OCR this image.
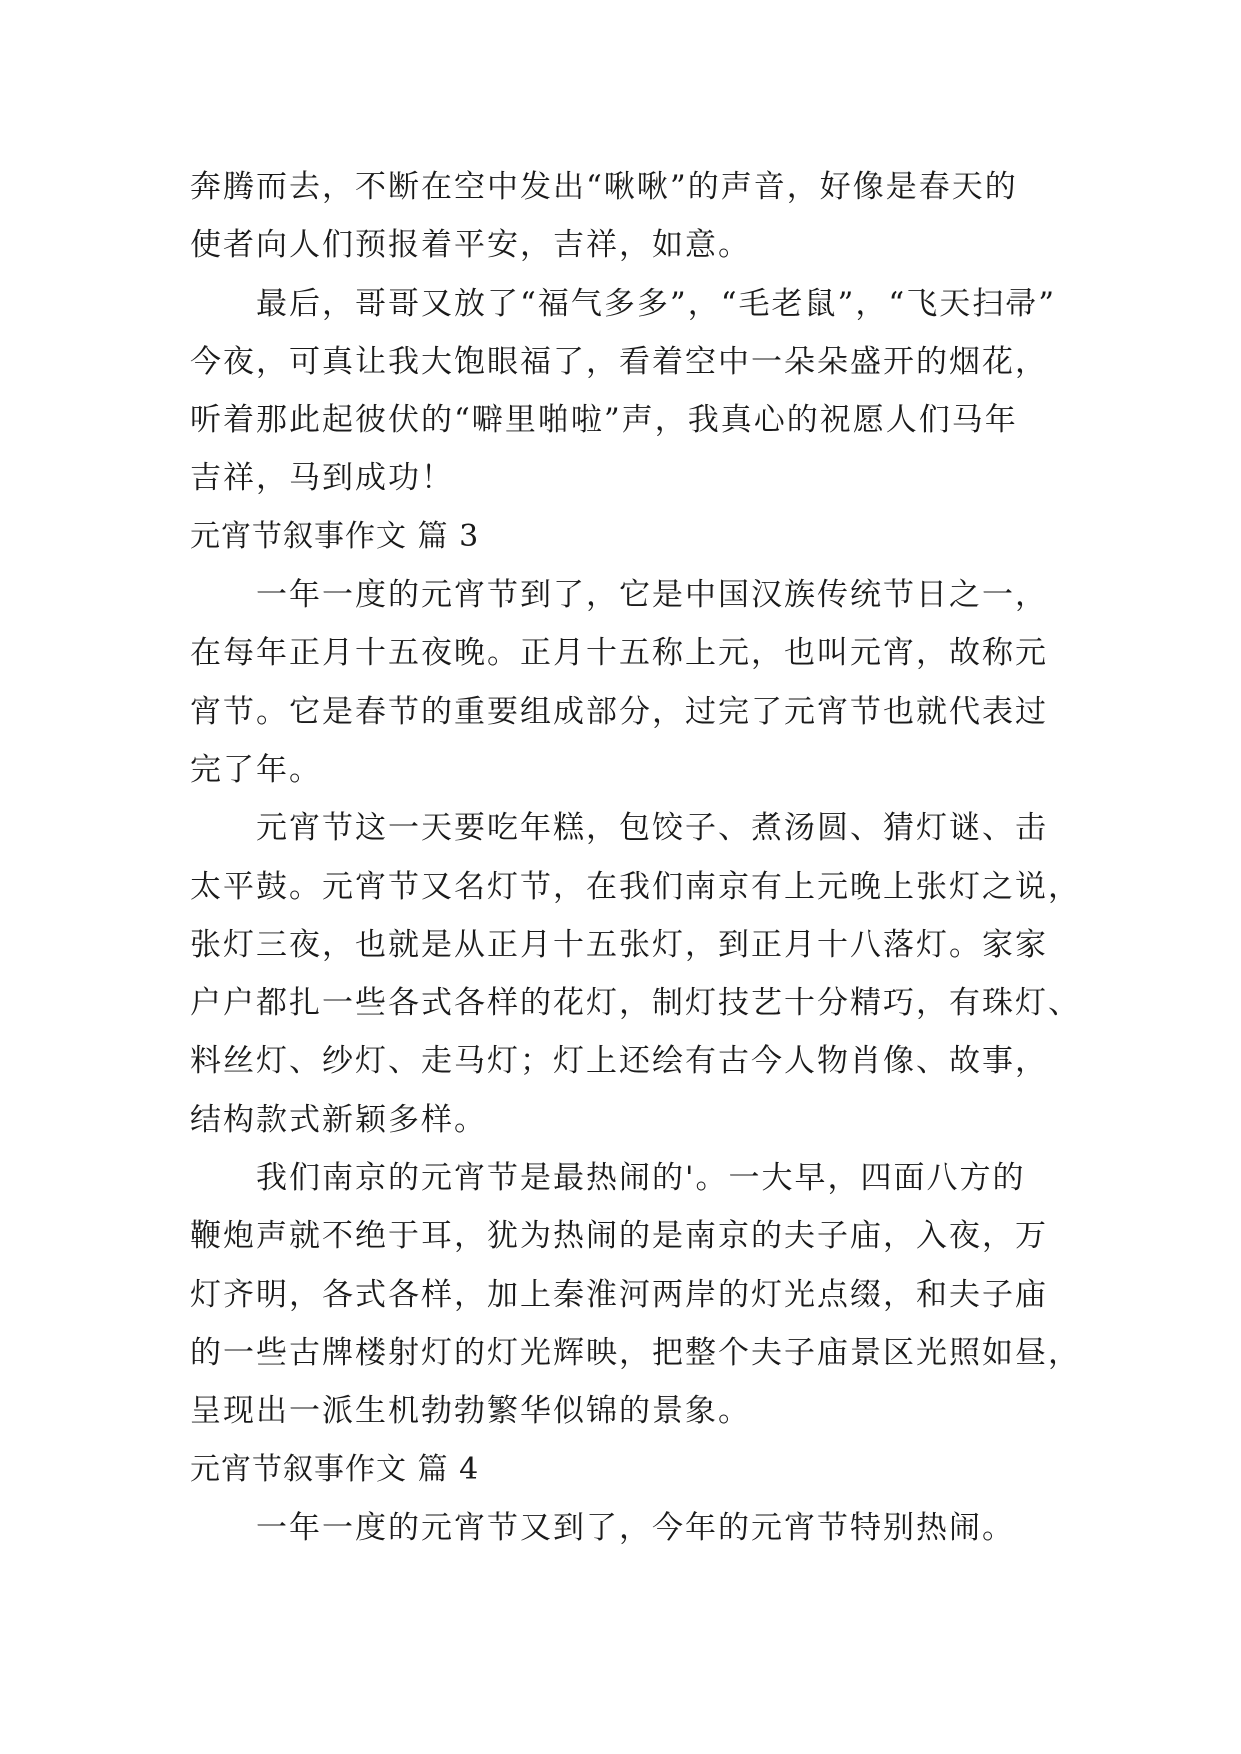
奔腾而去，不断在空中发出“啾啾”的声音，好像是春天的
使者向人们预报着平安，吉祥，如意。
最后，哥哥又放了“福气多多”，“毛老鼠”，“飞天扫帚”
今夜，可真让我大饱眼福了，看着空中一朵朵盛开的烟花，
听着那此起彼伏的“噼里啪啦”声，我真心的祝愿人们马年
吉祥，马到成功！
元宵节叙事作文 篇 3
一年一度的元宵节到了，它是中国汉族传统节日之一，
在每年正月十五夜晚。正月十五称上元，也叫元宵，故称元
宵节。它是春节的重要组成部分，过完了元宵节也就代表过
完了年。
元宵节这一天要吃年糕，包饺子、煮汤圆、猜灯谜、击
太平鼓。元宵节又名灯节，在我们南京有上元晚上张灯之说，
张灯三夜，也就是从正月十五张灯，到正月十八落灯。家家
户户都扎一些各式各样的花灯，制灯技艺十分精巧，有珠灯、
料丝灯、纱灯、走马灯；灯上还绘有古今人物肖像、故事，
结构款式新颖多样。
我们南京的元宵节是最热闹的'。一大早，四面八方的
鞭炮声就不绝于耳，犹为热闹的是南京的夫子庙，入夜，万
灯齐明，各式各样，加上秦淮河两岸的灯光点缀，和夫子庙
的一些古牌楼射灯的灯光辉映，把整个夫子庙景区光照如昼，
呈现出一派生机勃勃繁华似锦的景象。
元宵节叙事作文 篇 4
一年一度的元宵节又到了，今年的元宵节特别热闹。
